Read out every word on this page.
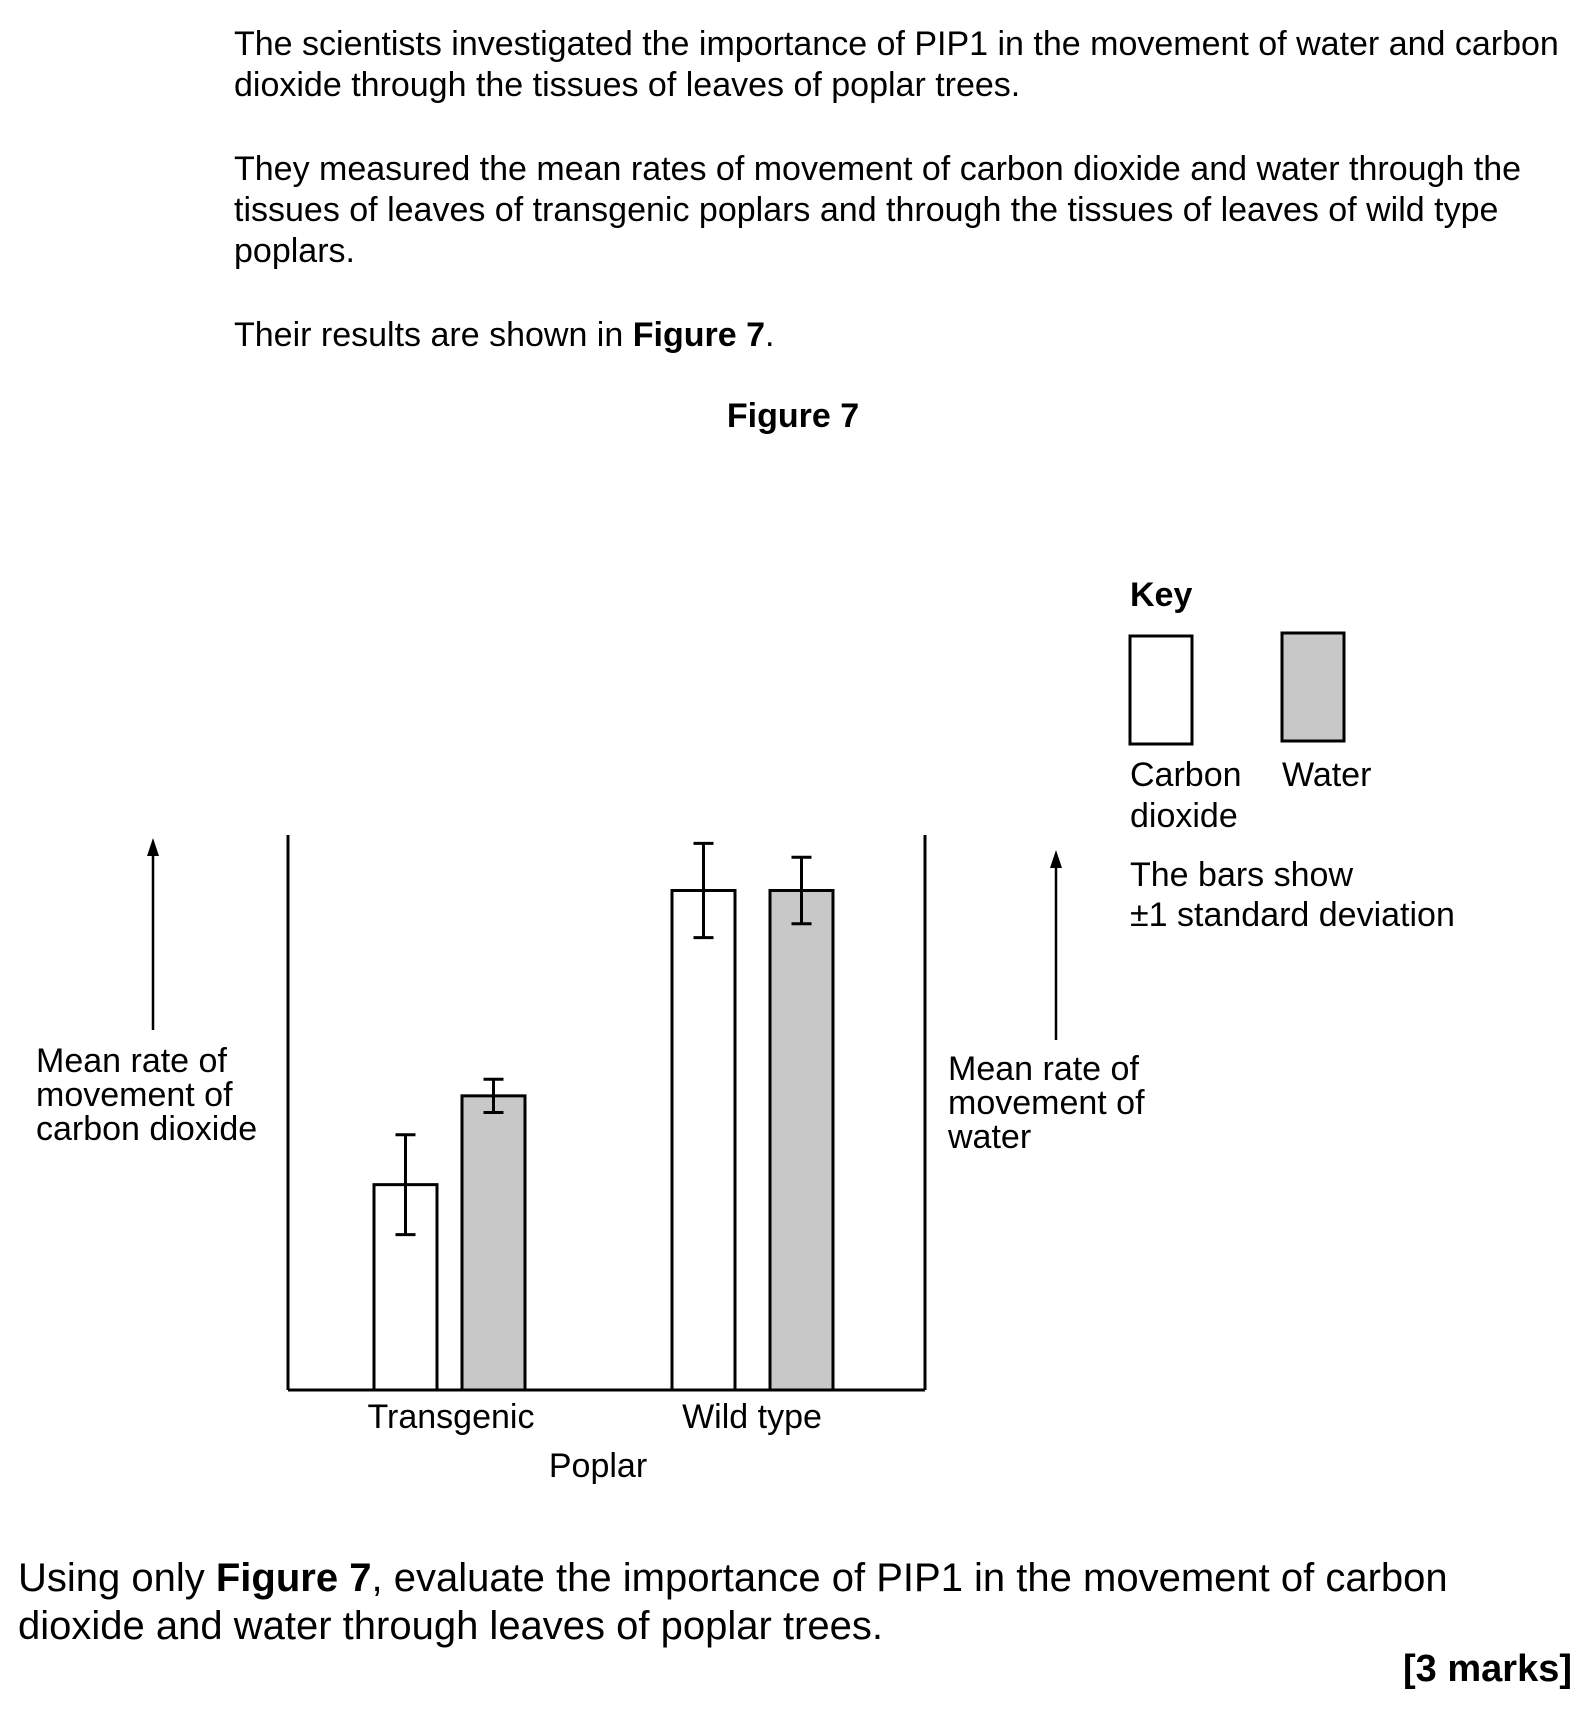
The scientists investigated the importance of PIP1 in the movement of water and carbon dioxide through the tissues of leaves of poplar trees.

They measured the mean rates of movement of carbon dioxide and water through the tissues of leaves of transgenic poplars and through the tissues of leaves of wild type poplars.

Their results are shown in Figure 7.

Figure 7
Transgenic	Wild type
Poplar
Mean rate of
movement of
carbon dioxide
Mean rate of
movement of
water
Key
Carbon
dioxide
Water
The bars show
±1 standard deviation
Using only Figure 7, evaluate the importance of PIP1 in the movement of carbon dioxide and water through leaves of poplar trees.
[3 marks]
